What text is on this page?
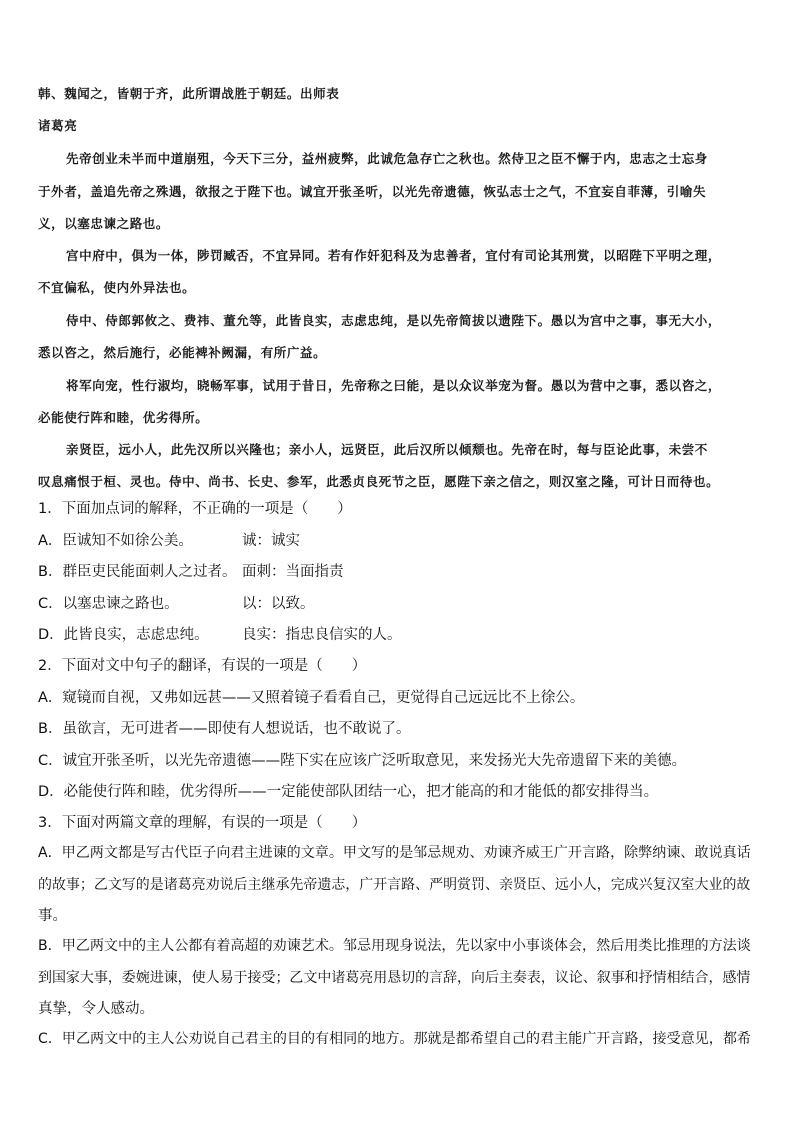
韩、魏闻之，皆朝于齐，此所谓战胜于朝廷。出师表
诸葛亮
先帝创业未半而中道崩殂，今天下三分，益州疲弊，此诚危急存亡之秋也。然侍卫之臣不懈于内，忠志之士忘身
于外者，盖追先帝之殊遇，欲报之于陛下也。诚宜开张圣听，以光先帝遗德，恢弘志士之气，不宜妄自菲薄，引喻失
义，以塞忠谏之路也。
宫中府中，俱为一体，陟罚臧否，不宜异同。若有作奸犯科及为忠善者，宜付有司论其刑赏，以昭陛下平明之理，
不宜偏私，使内外异法也。
侍中、侍郎郭攸之、费祎、董允等，此皆良实，志虑忠纯，是以先帝简拔以遗陛下。愚以为宫中之事，事无大小，
悉以咨之，然后施行，必能裨补阙漏，有所广益。
将军向宠，性行淑均，晓畅军事，试用于昔日，先帝称之曰能，是以众议举宠为督。愚以为营中之事，悉以咨之，
必能使行阵和睦，优劣得所。
亲贤臣，远小人，此先汉所以兴隆也；亲小人，远贤臣，此后汉所以倾颓也。先帝在时，每与臣论此事，未尝不
叹息痛恨于桓、灵也。侍中、尚书、长史、参军，此悉贞良死节之臣，愿陛下亲之信之，则汉室之隆，可计日而待也。
1．下面加点词的解释，不正确的一项是（　　）
A．臣诚知不如徐公美。	诚：诚实
B．群臣吏民能面刺人之过者。 面刺：当面指责
C．以塞忠谏之路也。	以：以致。
D．此皆良实，志虑忠纯。 良实：指忠良信实的人。
2．下面对文中句子的翻译，有误的一项是（　　）
A．窥镜而自视，又弗如远甚——又照着镜子看看自己，更觉得自己远远比不上徐公。
B．虽欲言，无可进者——即使有人想说话，也不敢说了。
C．诚宜开张圣听，以光先帝遗德——陛下实在应该广泛听取意见，来发扬光大先帝遗留下来的美德。
D．必能使行阵和睦，优劣得所——一定能使部队团结一心，把才能高的和才能低的都安排得当。
3．下面对两篇文章的理解，有误的一项是（　　）
A．甲乙两文都是写古代臣子向君主进谏的文章。甲文写的是邹忌规劝、劝谏齐威王广开言路，除弊纳谏、敢说真话
的故事；乙文写的是诸葛亮劝说后主继承先帝遗志，广开言路、严明赏罚、亲贤臣、远小人，完成兴复汉室大业的故
事。
B．甲乙两文中的主人公都有着高超的劝谏艺术。邹忌用现身说法，先以家中小事谈体会，然后用类比推理的方法谈
到国家大事，委婉进谏，使人易于接受；乙文中诸葛亮用恳切的言辞，向后主奏表，议论、叙事和抒情相结合，感情
真挚，令人感动。
C．甲乙两文中的主人公劝说自己君主的目的有相同的地方。那就是都希望自己的君主能广开言路，接受意见，都希
